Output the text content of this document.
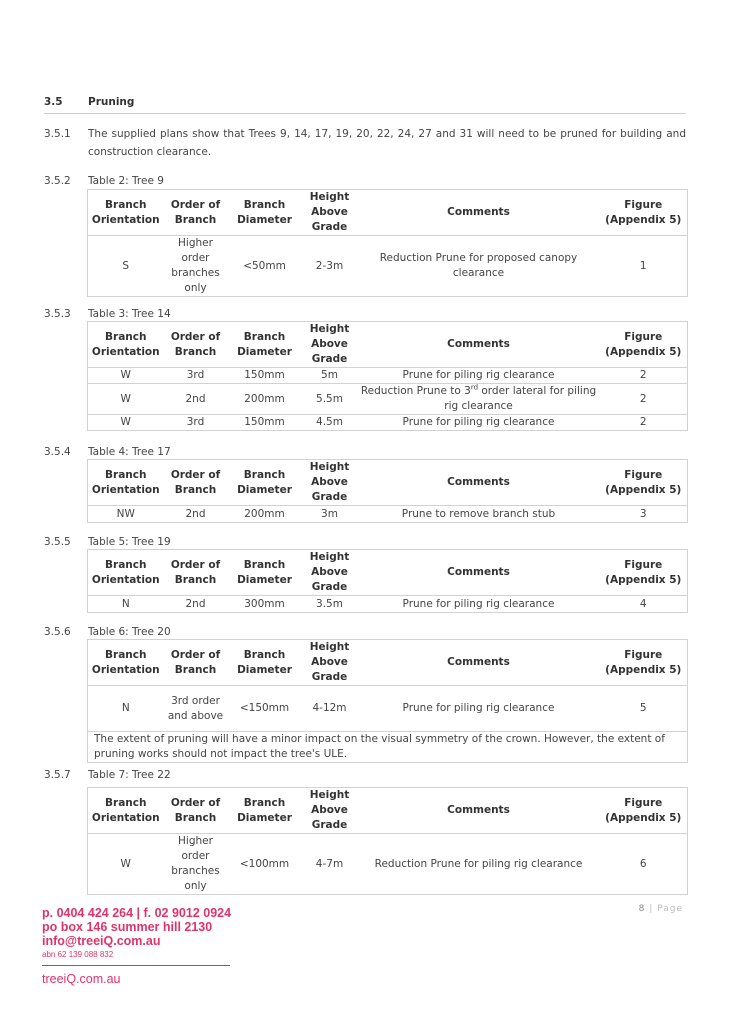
3.5 Pruning
3.5.1 The supplied plans show that Trees 9, 14, 17, 19, 20, 22, 24, 27 and 31 will need to be pruned for building and construction clearance.
3.5.2 Table 2: Tree 9
Branch Orientation	Order of Branch	Branch Diameter	Height Above Grade	Comments	Figure (Appendix 5)
S	Higher order branches only	<50mm	2-3m	Reduction Prune for proposed canopy clearance	1
3.5.3 Table 3: Tree 14
Branch Orientation	Order of Branch	Branch Diameter	Height Above Grade	Comments	Figure (Appendix 5)
W	3rd	150mm	5m	Prune for piling rig clearance	2
W	2nd	200mm	5.5m	Reduction Prune to 3rd order lateral for piling rig clearance	2
W	3rd	150mm	4.5m	Prune for piling rig clearance	2
3.5.4 Table 4: Tree 17
Branch Orientation	Order of Branch	Branch Diameter	Height Above Grade	Comments	Figure (Appendix 5)
NW	2nd	200mm	3m	Prune to remove branch stub	3
3.5.5 Table 5: Tree 19
Branch Orientation	Order of Branch	Branch Diameter	Height Above Grade	Comments	Figure (Appendix 5)
N	2nd	300mm	3.5m	Prune for piling rig clearance	4
3.5.6 Table 6: Tree 20
Branch Orientation	Order of Branch	Branch Diameter	Height Above Grade	Comments	Figure (Appendix 5)
N	3rd order and above	<150mm	4-12m	Prune for piling rig clearance	5
The extent of pruning will have a minor impact on the visual symmetry of the crown. However, the extent of pruning works should not impact the tree's ULE.					
3.5.7 Table 7: Tree 22
Branch Orientation	Order of Branch	Branch Diameter	Height Above Grade	Comments	Figure (Appendix 5)
W	Higher order branches only	<100mm	4-7m	Reduction Prune for piling rig clearance	6
8 | Page
p. 0404 424 264 | f. 02 9012 0924
po box 146 summer hill 2130
info@treeiQ.com.au
abn 62 139 088 832
treeiQ.com.au
